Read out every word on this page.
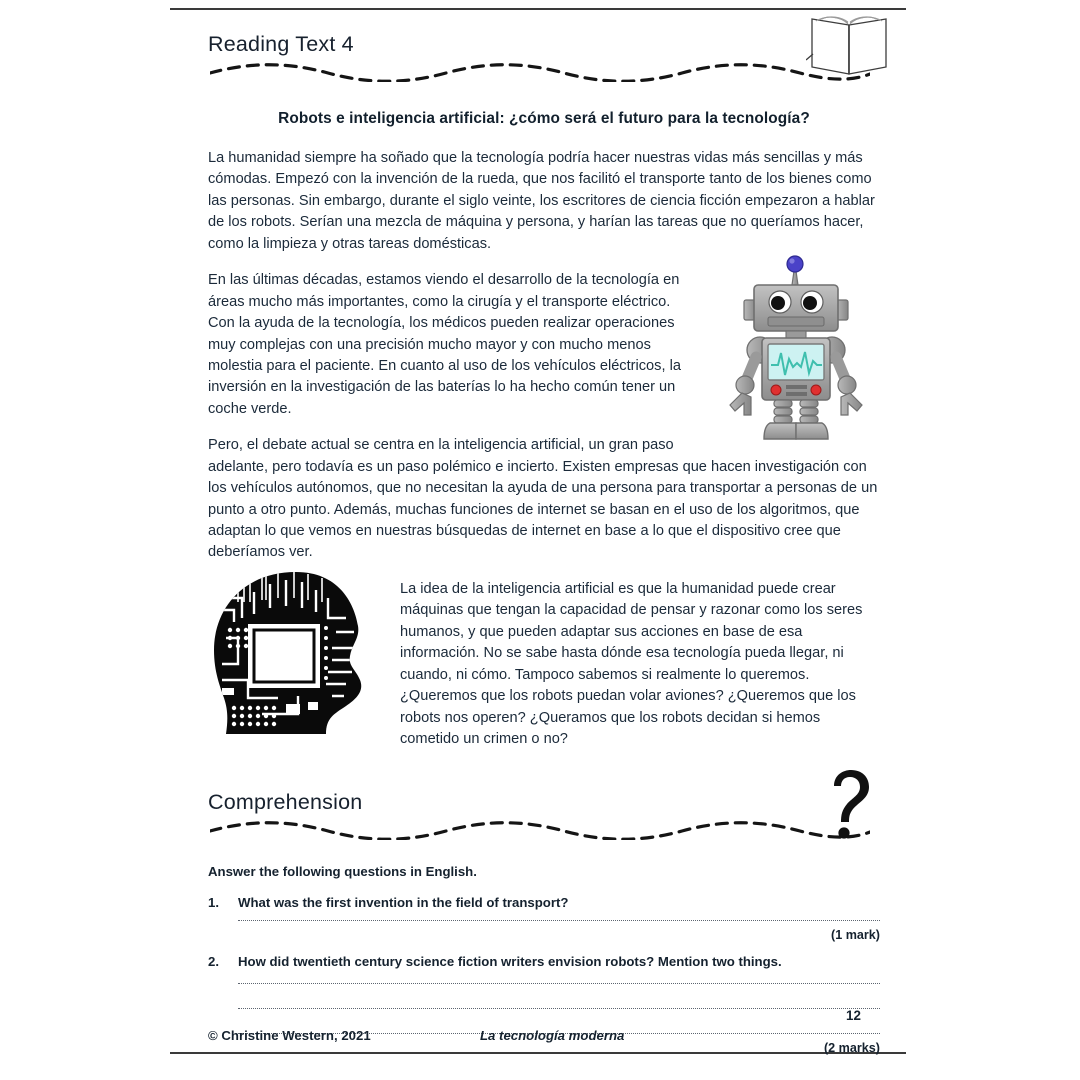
Reading Text 4
Robots e inteligencia artificial: ¿cómo será el futuro para la tecnología?

La humanidad siempre ha soñado que la tecnología podría hacer nuestras vidas más sencillas y más cómodas. Empezó con la invención de la rueda, que nos facilitó el transporte tanto de los bienes como las personas. Sin embargo, durante el siglo veinte, los escritores de ciencia ficción empezaron a hablar de los robots. Serían una mezcla de máquina y persona, y harían las tareas que no queríamos hacer, como la limpieza y otras tareas domésticas.

En las últimas décadas, estamos viendo el desarrollo de la tecnología en áreas mucho más importantes, como la cirugía y el transporte eléctrico. Con la ayuda de la tecnología, los médicos pueden realizar operaciones muy complejas con una precisión mucho mayor y con mucho menos molestia para el paciente. En cuanto al uso de los vehículos eléctricos, la inversión en la investigación de las baterías lo ha hecho común tener un coche verde.

Pero, el debate actual se centra en la inteligencia artificial, un gran paso adelante, pero todavía es un paso polémico e incierto. Existen empresas que hacen investigación con los vehículos autónomos, que no necesitan la ayuda de una persona para transportar a personas de un punto a otro punto. Además, muchas funciones de internet se basan en el uso de los algoritmos, que adaptan lo que vemos en nuestras búsquedas de internet en base a lo que el dispositivo cree que deberíamos ver.

La idea de la inteligencia artificial es que la humanidad puede crear máquinas que tengan la capacidad de pensar y razonar como los seres humanos, y que pueden adaptar sus acciones en base de esa información. No se sabe hasta dónde esa tecnología pueda llegar, ni cuando, ni cómo. Tampoco sabemos si realmente lo queremos. ¿Queremos que los robots puedan volar aviones? ¿Queremos que los robots nos operen? ¿Queramos que los robots decidan si hemos cometido un crimen o no?

Comprehension
Answer the following questions in English.
1.	What was the first invention in the field of transport?
(1 mark)
2.	How did twentieth century science fiction writers envision robots? Mention two things.
(2 marks)
12
© Christine Western, 2021	La tecnología moderna
